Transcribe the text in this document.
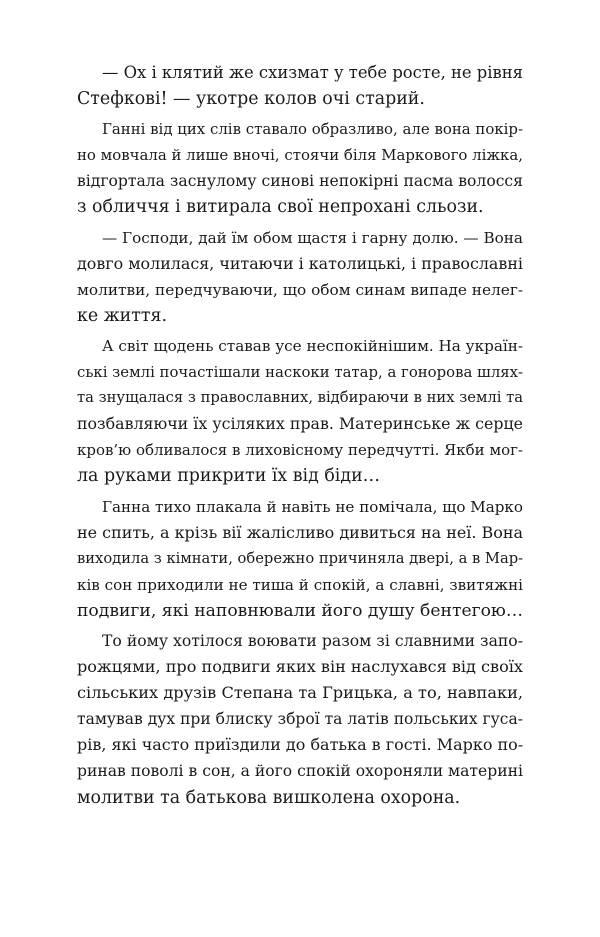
— Ох і клятий же схизмат у тебе росте, не рівня
Стефкові! — укотре колов очі старий.

Ганні від цих слів ставало образливо, але вона покір-
но мовчала й лише вночі, стоячи біля Маркового ліжка,
відгортала заснулому синові непокірні пасма волосся
з обличчя і витирала свої непрохані сльози.

— Господи, дай їм обом щастя і гарну долю. — Вона
довго молилася, читаючи і католицькі, і православні
молитви, передчуваючи, що обом синам випаде нелег-
ке життя.

А світ щодень ставав усе неспокійнішим. На україн-
ські землі почастішали наскоки татар, а гонорова шлях-
та знущалася з православних, відбираючи в них землі та
позбавляючи їх усіляких прав. Материнське ж серце
кров’ю обливалося в лиховісному передчутті. Якби мог-
ла руками прикрити їх від біди…

Ганна тихо плакала й навіть не помічала, що Марко
не спить, а крізь вії жалісливо дивиться на неї. Вона
виходила з кімнати, обережно причиняла двері, а в Мар-
ків сон приходили не тиша й спокій, а славні, звитяжні
подвиги, які наповнювали його душу бентегою…

То йому хотілося воювати разом зі славними запо-
рожцями, про подвиги яких він наслухався від своїх
сільських друзів Степана та Грицька, а то, навпаки,
тамував дух при блиску зброї та латів польських гуса-
рів, які часто приїздили до батька в гості. Марко по-
ринав поволі в сон, а його спокій охороняли материні
молитви та батькова вишколена охорона.
